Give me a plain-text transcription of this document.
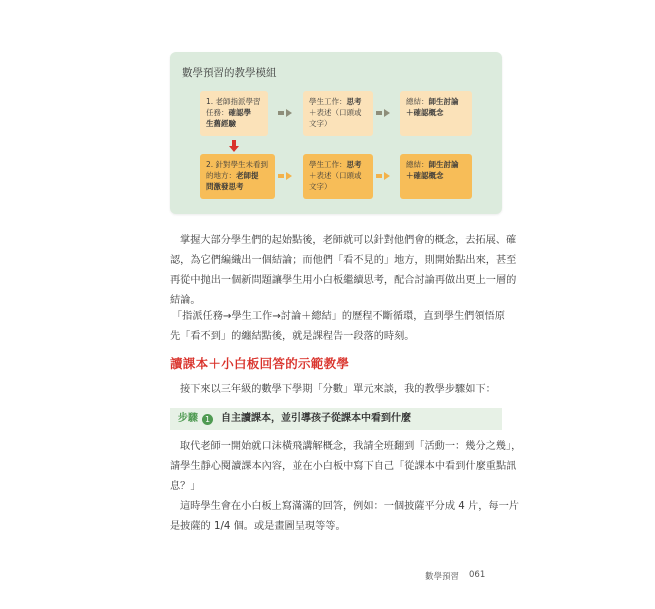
數學預習的教學模組
1. 老師指派學習
任務：確認學
生舊經驗
學生工作：思考
＋表述（口頭或
文字）
總結：師生討論
＋確認概念
2. 針對學生未看到
的地方：老師提
問激發思考
學生工作：思考
＋表述（口頭或
文字）
總結：師生討論
＋確認概念
掌握大部分學生們的起始點後，老師就可以針對他們會的概念，去拓展、確
認，為它們編織出一個結論；而他們「看不見的」地方，則開始點出來，甚至
再從中抛出一個新問題讓學生用小白板繼續思考，配合討論再做出更上一層的
結論。
「指派任務→學生工作→討論＋總結」的歷程不斷循環，直到學生們領悟原
先「看不到」的纏結點後，就是課程告一段落的時刻。
讀課本＋小白板回答的示範教學
接下來以三年級的數學下學期「分數」單元來談，我的教學步驟如下：
步驟 1 自主讀課本，並引導孩子從課本中看到什麼
取代老師一開始就口沫橫飛講解概念，我請全班翻到「活動一：幾分之幾」，
請學生靜心閱讀課本內容，並在小白板中寫下自己「從課本中看到什麼重點訊
息？」
這時學生會在小白板上寫滿滿的回答，例如：一個披薩平分成 4 片，每一片
是披薩的 1/4 個。或是畫圖呈現等等。
數學預習 061
